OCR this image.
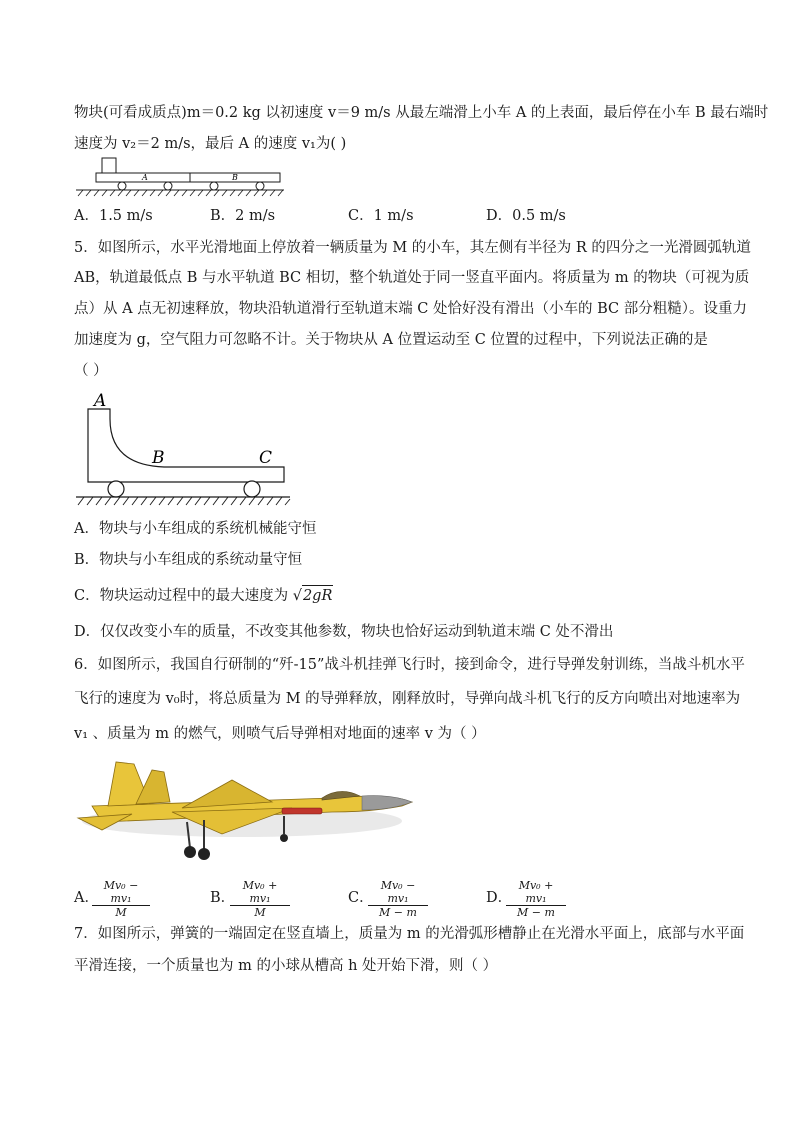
物块(可看成质点)m＝0.2 kg 以初速度 v＝9 m/s 从最左端滑上小车 A 的上表面，最后停在小车 B 最右端时
速度为 v₂＝2 m/s，最后 A 的速度 v₁为( )
A	B
A．1.5 m/s	B．2 m/s	C．1 m/s	D．0.5 m/s
5．如图所示，水平光滑地面上停放着一辆质量为 M 的小车，其左侧有半径为 R 的四分之一光滑圆弧轨道
AB，轨道最低点 B 与水平轨道 BC 相切，整个轨道处于同一竖直平面内。将质量为 m 的物块（可视为质
点）从 A 点无初速释放，物块沿轨道滑行至轨道末端 C 处恰好没有滑出（小车的 BC 部分粗糙）。设重力
加速度为 g，空气阻力可忽略不计。关于物块从 A 位置运动至 C 位置的过程中，下列说法正确的是
（ ）
A
B	C
A．物块与小车组成的系统机械能守恒
B．物块与小车组成的系统动量守恒
C．物块运动过程中的最大速度为 √2gR
D．仅仅改变小车的质量，不改变其他参数，物块也恰好运动到轨道末端 C 处不滑出
6．如图所示，我国自行研制的“歼-15”战斗机挂弹飞行时，接到命令，进行导弹发射训练，当战斗机水平
飞行的速度为 v₀时，将总质量为 M 的导弹释放，刚释放时，导弹向战斗机飞行的反方向喷出对地速率为
v₁ 、质量为 m 的燃气，则喷气后导弹相对地面的速率 v 为（ ）
A．
$\frac{\text{Mv₀ − mv₁}}{M}$	B．
$\frac{\text{Mv₀ + mv₁}}{M}$	C．
$\frac{\text{Mv₀ − mv₁}}{M - m}$	D．
$\frac{\text{Mv₀ + mv₁}}{M - m}$
7．如图所示，弹簧的一端固定在竖直墙上，质量为 m 的光滑弧形槽静止在光滑水平面上，底部与水平面
平滑连接，一个质量也为 m 的小球从槽高 h 处开始下滑，则（ ）
